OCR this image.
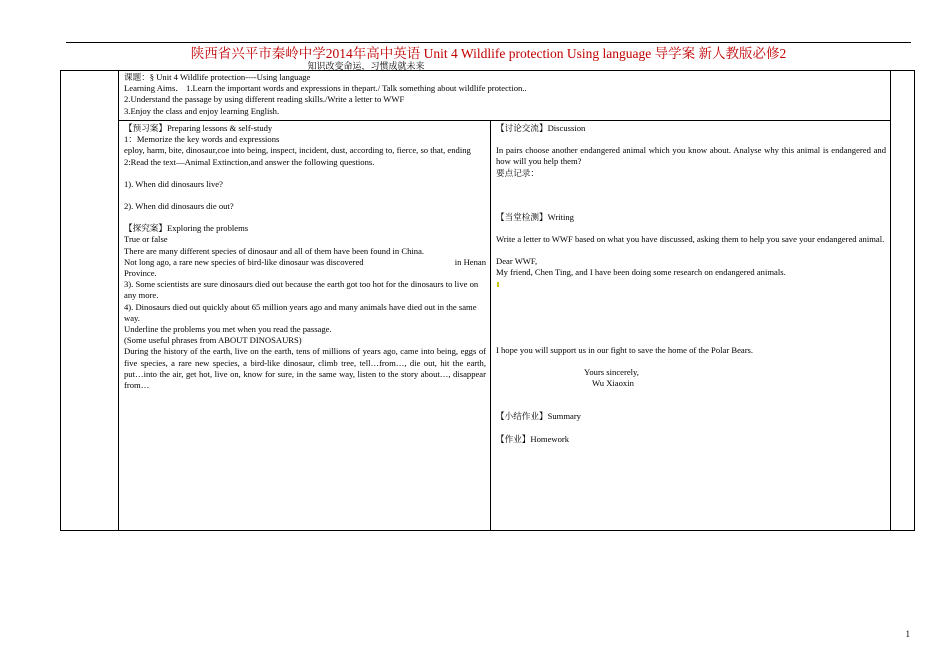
陕西省兴平市秦岭中学2014年高中英语 Unit 4 Wildlife protection Using language 导学案 新人教版必修2
知识改变命运，习惯成就未来

课题：§ Unit 4 Wildlife protection----Using language

Learning Aims． 1.Learn the important words and expressions in thepart./ Talk something about wildlife protection..

2.Understand the passage by using different reading skills./Write a letter to WWF

3.Enjoy the class and enjoy learning English.

【预习案】Preparing lessons & self-study

1：Memorize the key words and expressions

eploy, harm, bite, dinosaur,coe into being, inspect, incident, dust, according to, fierce, so that, ending

2:Read the text—Animal Extinction,and answer the following questions.

1). When did dinosaurs live?

2). When did dinosaurs die out?

【探究案】Exploring the problems

True or false

There are many different species of dinosaur and all of them have been found in China.

Not long ago, a rare new species of bird-like dinosaur was discovered	in Henan

Province.

3). Some scientists are sure dinosaurs died out because the earth got too hot for the dinosaurs to live on any more.

4). Dinosaurs died out quickly about 65 million years ago and many animals have died out in the same way.

Underline the problems you met when you read the passage.

(Some useful phrases from ABOUT DINOSAURS)

During the history of the earth, live on the earth, tens of millions of years ago, came into being, eggs of five species, a rare new species, a bird-like dinosaur, climb tree, tell…from…, die out, hit the earth, put…into the air, get hot, live on, know for sure, in the same way, listen to the story about…, disappear from…

【讨论交流】Discussion

In pairs choose another endangered animal which you know about. Analyse why this animal is endangered and how will you help them?

要点记录：

【当堂检测】Writing

Write a letter to WWF based on what you have discussed, asking them to help you save your endangered animal.

Dear WWF,

My friend, Chen Ting, and I have been doing some research on endangered animals.

I hope you will support us in our fight to save the home of the Polar Bears.

Yours sincerely,

Wu Xiaoxin

【小结作业】Summary

【作业】Homework

1
